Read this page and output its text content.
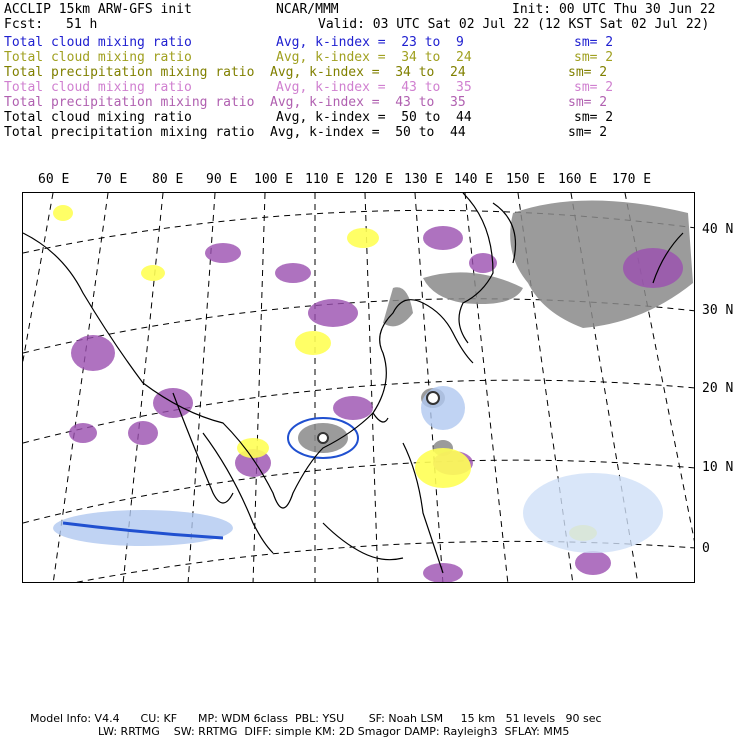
ACCLIP 15km ARW-GFS init	NCAR/MMM	Init: 00 UTC Thu 30 Jun 22
Fcst: 51 h	Valid: 03 UTC Sat 02 Jul 22 (12 KST Sat 02 Jul 22)
Total cloud mixing ratio	Avg, k-index =  23 to  9	sm= 2
Total cloud mixing ratio	Avg, k-index =  34 to  24	sm= 2
Total precipitation mixing ratio Avg, k-index =  34 to  24	sm= 2
Total cloud mixing ratio	Avg, k-index =  43 to  35	sm= 2
Total precipitation mixing ratio Avg, k-index =  43 to  35	sm= 2
Total cloud mixing ratio	Avg, k-index =  50 to  44	sm= 2
Total precipitation mixing ratio Avg, k-index =  50 to  44	sm= 2
60 E 70 E 80 E 90 E 100 E 110 E 120 E 130 E 140 E 150 E 160 E 170 E
40 N
30 N
20 N
10 N
0
Model Info: V4.4      CU: KF      MP: WDM 6class  PBL: YSU       SF: Noah LSM     15 km   51 levels   90 sec
LW: RRTMG    SW: RRTMG  DIFF: simple KM: 2D Smagor DAMP: Rayleigh3  SFLAY: MM5
